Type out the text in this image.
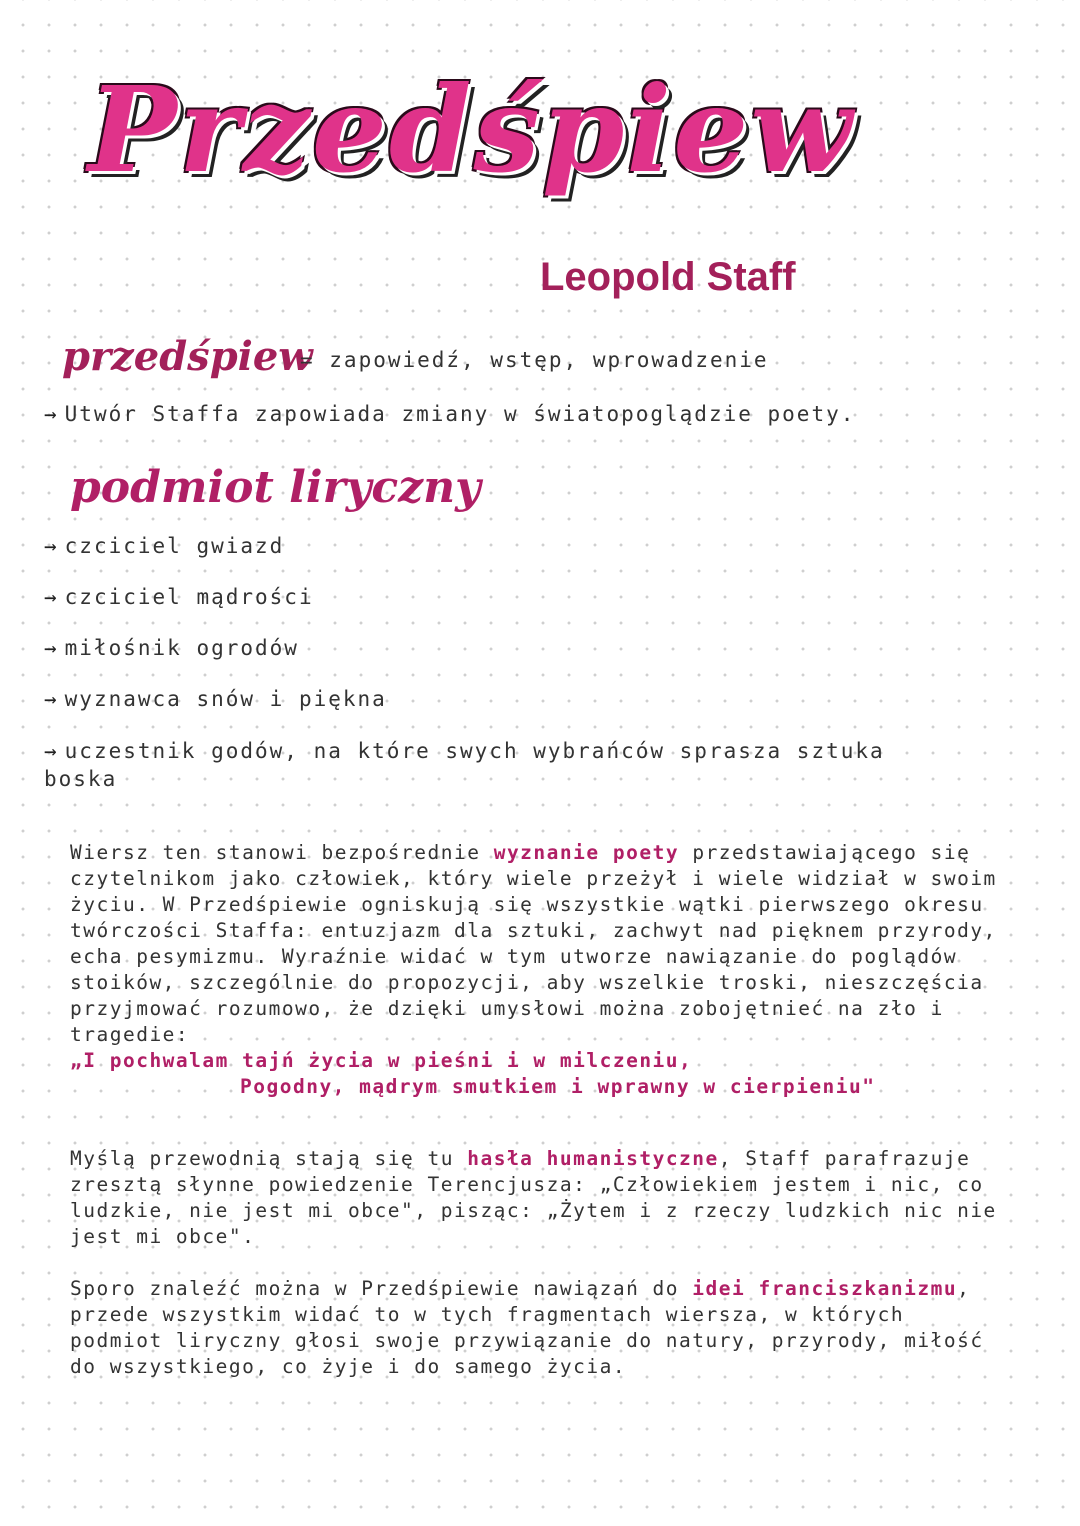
Przedśpiew
Leopold Staff
przedśpiew
= zapowiedź, wstęp, wprowadzenie
→ Utwór Staffa zapowiada zmiany w światopoglądzie poety.
podmiot liryczny
→ czciciel gwiazd
→ czciciel mądrości
→ miłośnik ogrodów
→ wyznawca snów i piękna
→ uczestnik godów, na które swych wybrańców sprasza sztuka boska
Wiersz ten stanowi bezpośrednie wyznanie poety przedstawiającego się czytelnikom jako człowiek, który wiele przeżył i wiele widział w swoim życiu. W Przedśpiewie ogniskują się wszystkie wątki pierwszego okresu twórczości Staffa: entuzjazm dla sztuki, zachwyt nad pięknem przyrody, echa pesymizmu. Wyraźnie widać w tym utworze nawiązanie do poglądów stoików, szczególnie do propozycji, aby wszelkie troski, nieszczęścia przyjmować rozumowo, że dzięki umysłowi można zobojętnieć na zło i tragedie:
„I pochwalam tajń życia w pieśni i w milczeniu,
Pogodny, mądrym smutkiem i wprawny w cierpieniu"
Myślą przewodnią stają się tu hasła humanistyczne, Staff parafrazuje zresztą słynne powiedzenie Terencjusza: „Człowiekiem jestem i nic, co ludzkie, nie jest mi obce", pisząc: „Żytem i z rzeczy ludzkich nic nie jest mi obce".
Sporo znaleźć można w Przedśpiewie nawiązań do idei franciszkanizmu, przede wszystkim widać to w tych fragmentach wiersza, w których podmiot liryczny głosi swoje przywiązanie do natury, przyrody, miłość do wszystkiego, co żyje i do samego życia.
